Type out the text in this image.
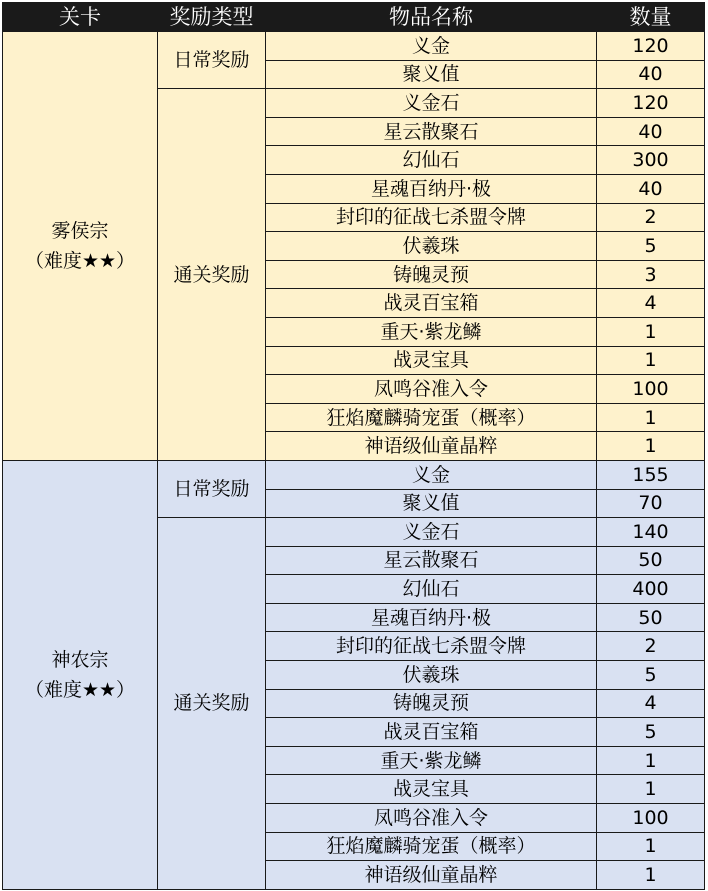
关卡	奖励类型	物品名称	数量

雾侯宗
（难度★★）	日常奖励	义金	120
		聚义值	40
	通关奖励	义金石	120
		星云散聚石	40
		幻仙石	300
		星魂百纳丹·极	40
		封印的征战七杀盟令牌	2
		伏羲珠	5
		铸魄灵预	3
		战灵百宝箱	4
		重天·紫龙鳞	1
		战灵宝具	1
		凤鸣谷准入令	100
		狂焰魔麟骑宠蛋（概率）	1
		神语级仙童晶粹	1

神农宗
（难度★★）	日常奖励	义金	155
		聚义值	70
	通关奖励	义金石	140
		星云散聚石	50
		幻仙石	400
		星魂百纳丹·极	50
		封印的征战七杀盟令牌	2
		伏羲珠	5
		铸魄灵预	4
		战灵百宝箱	5
		重天·紫龙鳞	1
		战灵宝具	1
		凤鸣谷准入令	100
		狂焰魔麟骑宠蛋（概率）	1
		神语级仙童晶粹	1
